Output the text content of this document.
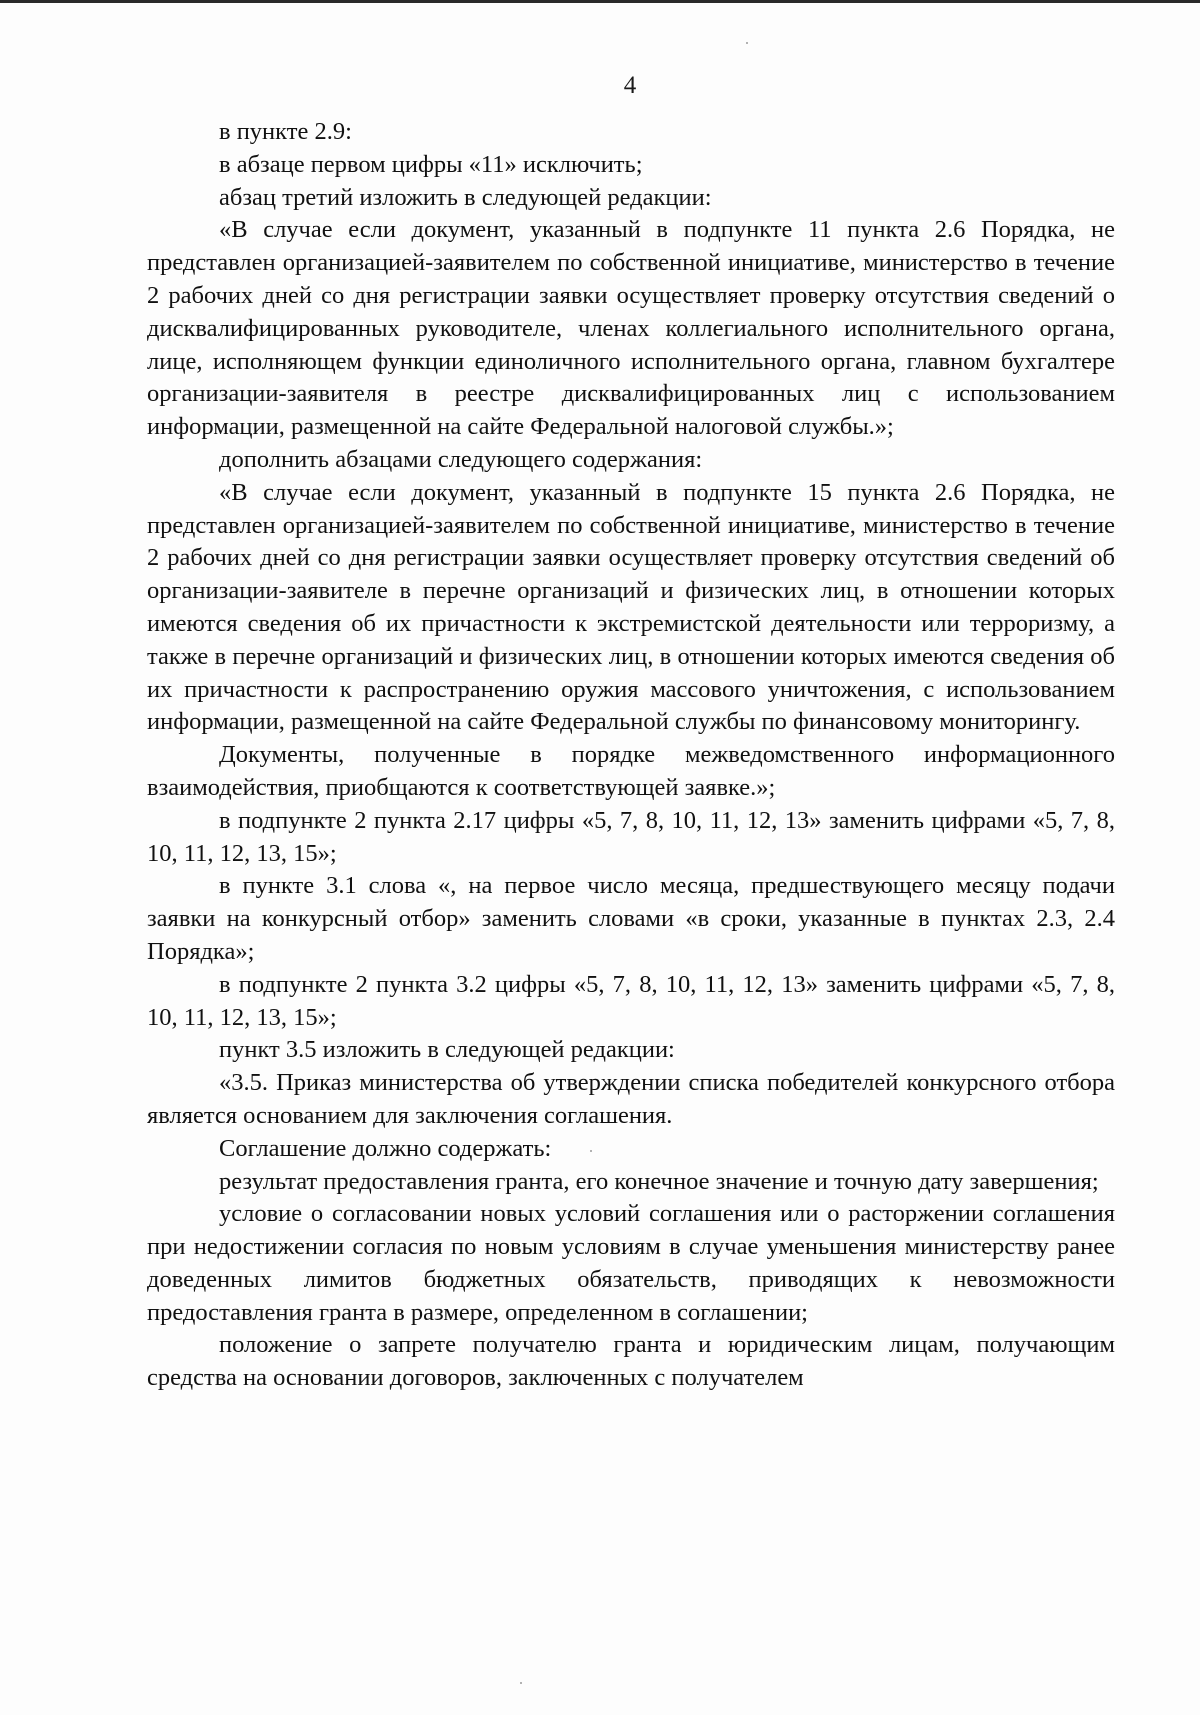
4

в пункте 2.9:

в абзаце первом цифры «11» исключить;

абзац третий изложить в следующей редакции:

«В случае если документ, указанный в подпункте 11 пункта 2.6 Порядка, не представлен организацией-заявителем по собственной инициативе, министерство в течение 2 рабочих дней со дня регистрации заявки осуществляет проверку отсутствия сведений о дисквалифицированных руководителе, членах коллегиального исполнительного органа, лице, исполняющем функции единоличного исполнительного органа, главном бухгалтере организации-заявителя в реестре дисквалифицированных лиц с использованием информации, размещенной на сайте Федеральной налоговой службы.»;

дополнить абзацами следующего содержания:

«В случае если документ, указанный в подпункте 15 пункта 2.6 Порядка, не представлен организацией-заявителем по собственной инициативе, министерство в течение 2 рабочих дней со дня регистрации заявки осуществляет проверку отсутствия сведений об организации-заявителе в перечне организаций и физических лиц, в отношении которых имеются сведения об их причастности к экстремистской деятельности или терроризму, а также в перечне организаций и физических лиц, в отношении которых имеются сведения об их причастности к распространению оружия массового уничтожения, с использованием информации, размещенной на сайте Федеральной службы по финансовому мониторингу.

Документы, полученные в порядке межведомственного информационного взаимодействия, приобщаются к соответствующей заявке.»;

в подпункте 2 пункта 2.17 цифры «5, 7, 8, 10, 11, 12, 13» заменить цифрами «5, 7, 8, 10, 11, 12, 13, 15»;

в пункте 3.1 слова «, на первое число месяца, предшествующего месяцу подачи заявки на конкурсный отбор» заменить словами «в сроки, указанные в пунктах 2.3, 2.4 Порядка»;

в подпункте 2 пункта 3.2 цифры «5, 7, 8, 10, 11, 12, 13» заменить цифрами «5, 7, 8, 10, 11, 12, 13, 15»;

пункт 3.5 изложить в следующей редакции:

«3.5. Приказ министерства об утверждении списка победителей конкурсного отбора является основанием для заключения соглашения.

Соглашение должно содержать:

результат предоставления гранта, его конечное значение и точную дату завершения;

условие о согласовании новых условий соглашения или о расторжении соглашения при недостижении согласия по новым условиям в случае уменьшения министерству ранее доведенных лимитов бюджетных обязательств, приводящих к невозможности предоставления гранта в размере, определенном в соглашении;

положение о запрете получателю гранта и юридическим лицам, получающим средства на основании договоров, заключенных с получателем
